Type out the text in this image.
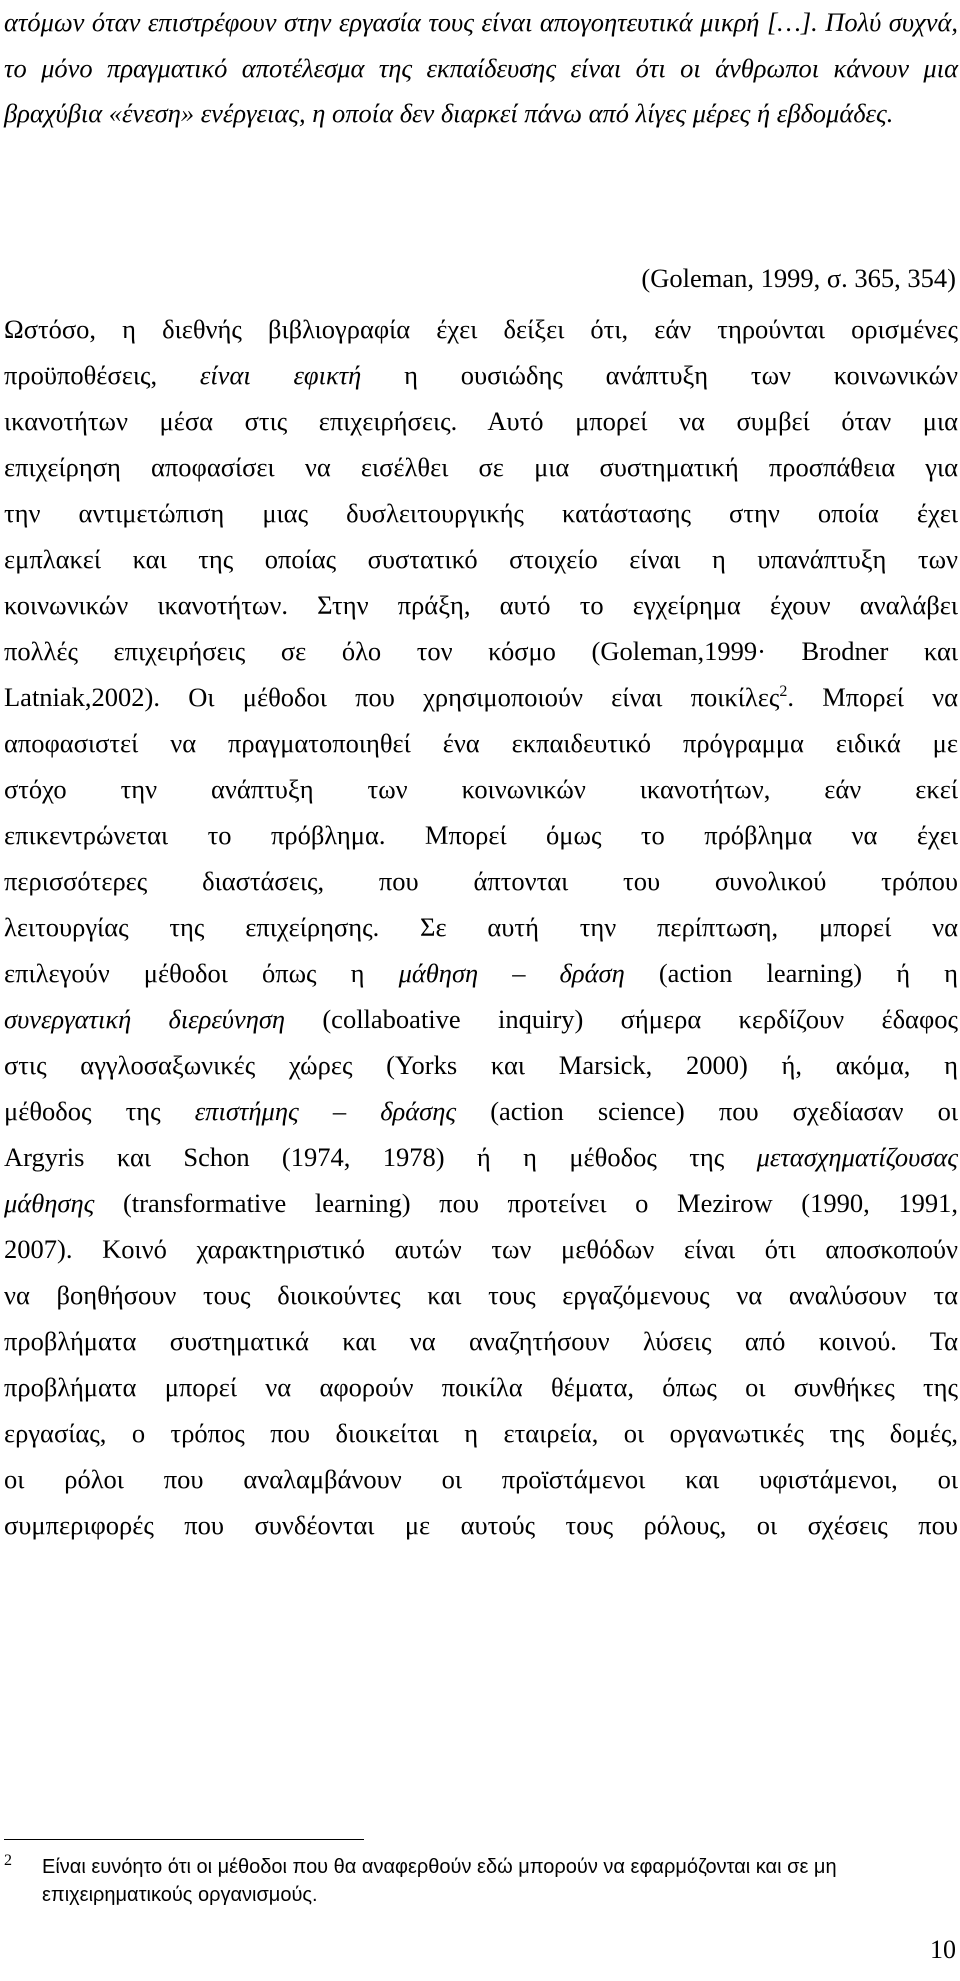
ατόμων όταν επιστρέφουν στην εργασία τους είναι απογοητευτικά μικρή […]. Πολύ συχνά, το μόνο πραγματικό αποτέλεσμα της εκπαίδευσης είναι ότι οι άνθρωποι κάνουν μια βραχύβια «ένεση» ενέργειας, η οποία δεν διαρκεί πάνω από λίγες μέρες ή εβδομάδες.

(Goleman, 1999, σ. 365, 354)

Ωστόσο, η διεθνής βιβλιογραφία έχει δείξει ότι, εάν τηρούνται ορισμένες

προϋποθέσεις, είναι εφικτή η ουσιώδης ανάπτυξη των κοινωνικών

ικανοτήτων μέσα στις επιχειρήσεις. Αυτό μπορεί να συμβεί όταν μια

επιχείρηση αποφασίσει να εισέλθει σε μια συστηματική προσπάθεια για

την αντιμετώπιση μιας δυσλειτουργικής κατάστασης στην οποία έχει

εμπλακεί και της οποίας συστατικό στοιχείο είναι η υπανάπτυξη των

κοινωνικών ικανοτήτων. Στην πράξη, αυτό το εγχείρημα έχουν αναλάβει

πολλές επιχειρήσεις σε όλο τον κόσμο (Goleman,1999· Brodner και

Latniak,2002). Οι μέθοδοι που χρησιμοποιούν είναι ποικίλες$^2$. Μπορεί να

αποφασιστεί να πραγματοποιηθεί ένα εκπαιδευτικό πρόγραμμα ειδικά με

στόχο την ανάπτυξη των κοινωνικών ικανοτήτων, εάν εκεί

επικεντρώνεται το πρόβλημα. Μπορεί όμως το πρόβλημα να έχει

περισσότερες διαστάσεις, που άπτονται του συνολικού τρόπου

λειτουργίας της επιχείρησης. Σε αυτή την περίπτωση, μπορεί να

επιλεγούν μέθοδοι όπως η μάθηση – δράση (action learning) ή η

συνεργατική διερεύνηση (collaboative inquiry) σήμερα κερδίζουν έδαφος

στις αγγλοσαξωνικές χώρες (Yorks και Marsick, 2000) ή, ακόμα, η

μέθοδος της επιστήμης – δράσης (action science) που σχεδίασαν οι

Argyris και Schon (1974, 1978) ή η μέθοδος της μετασχηματίζουσας

μάθησης (transformative learning) που προτείνει ο Mezirow (1990, 1991,

2007). Κοινό χαρακτηριστικό αυτών των μεθόδων είναι ότι αποσκοπούν

να βοηθήσουν τους διοικούντες και τους εργαζόμενους να αναλύσουν τα

προβλήματα συστηματικά και να αναζητήσουν λύσεις από κοινού. Τα

προβλήματα μπορεί να αφορούν ποικίλα θέματα, όπως οι συνθήκες της

εργασίας, ο τρόπος που διοικείται η εταιρεία, οι οργανωτικές της δομές,

οι ρόλοι που αναλαμβάνουν οι προϊστάμενοι και υφιστάμενοι, οι

συμπεριφορές που συνδέονται με αυτούς τους ρόλους, οι σχέσεις που

2	Είναι ευνόητο ότι οι μέθοδοι που θα αναφερθούν εδώ μπορούν να εφαρμόζονται και σε μη επιχειρηματικούς οργανισμούς.

10
